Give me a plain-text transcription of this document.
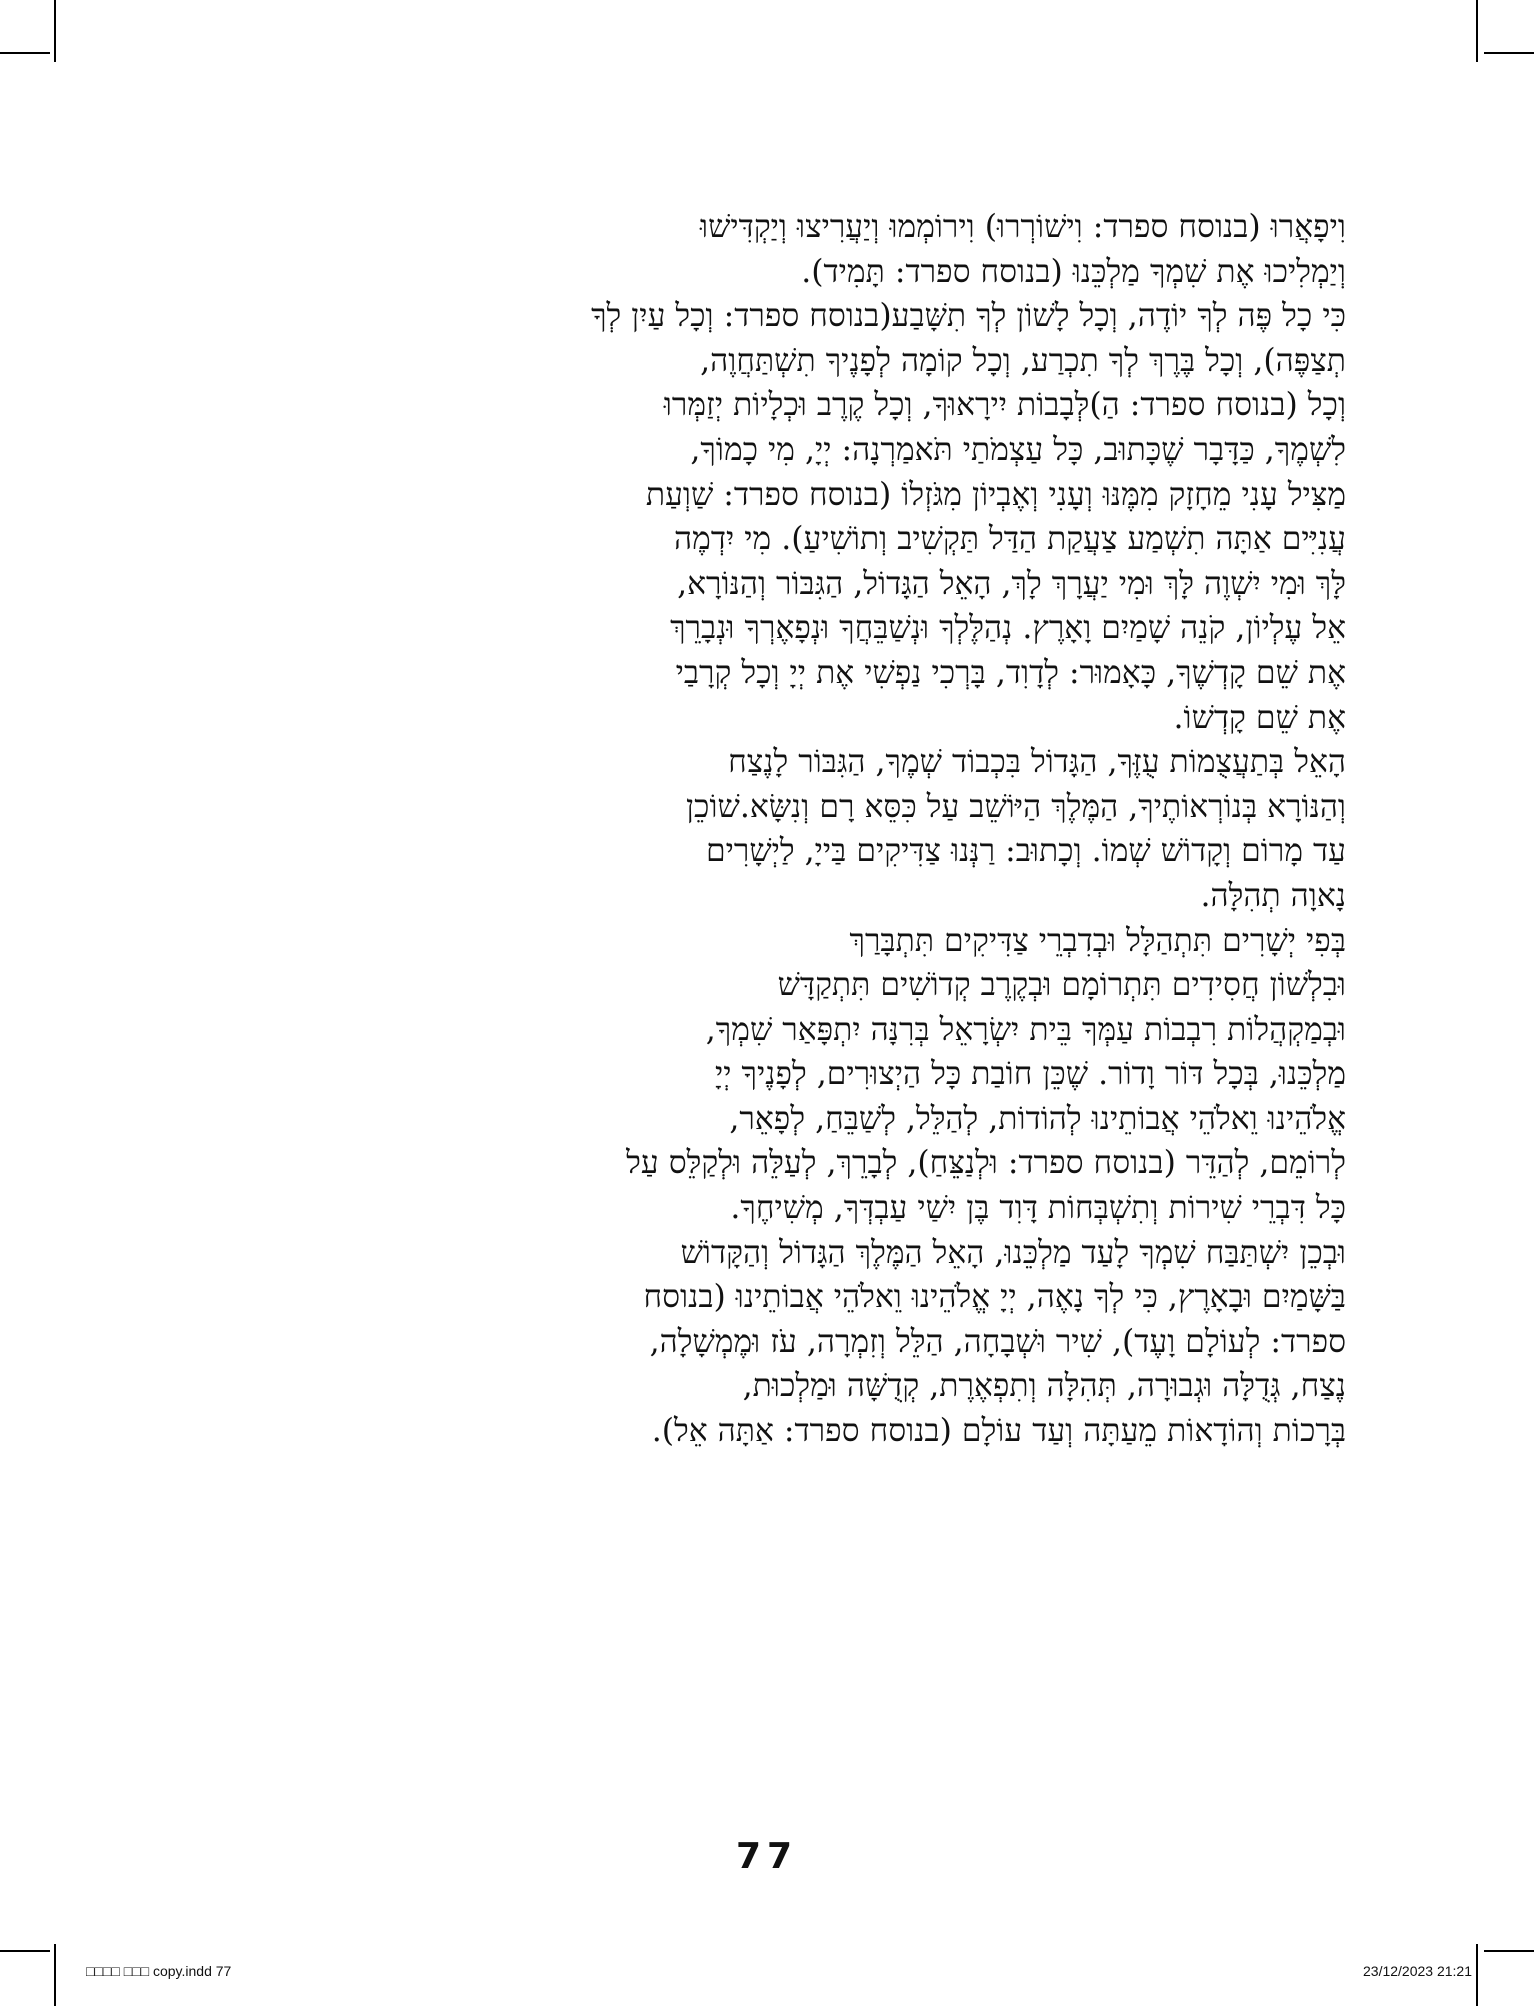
וִיפָאֲרוּ (בנוסח ספרד: וִישׁוֹרְרוּ) וִירוֹמְמוּ וְיַעֲרִיצוּ וְיַקְדִּישׁוּ
וְיַמְלִיכוּ אֶת שִׁמְךָ מַלְכֵּנוּ (בנוסח ספרד: תָּמִיד).
כִּי כָל פֶּה לְךָ יוֹדֶה, וְכָל לָשׁוֹן לְךָ תִשָּׁבַע(בנוסח ספרד: וְכָל עַיִן לְךָ
תְצַפֶּה), וְכָל בֶּרֶךְ לְךָ תִכְרַע, וְכָל קוֹמָה לְפָנֶיךָ תִשְׁתַּחֲוֶה,
וְכָל (בנוסח ספרד: הַ)לְּבָבוֹת יִירָאוּךָ, וְכָל קֶרֶב וּכְלָיוֹת יְזַמְּרוּ
לִשְׁמֶךָ, כַּדָּבָר שֶׁכָּתוּב, כָּל עַצְמֹתַי תֹּאמַרְנָה: יְיָ, מִי כָמוֹךָ,
מַצִּיל עָנִי מֵחָזָק מִמֶּנּוּ וְעָנִי וְאֶבְיוֹן מִגֹּזְלוֹ (בנוסח ספרד: שַׁוְעַת
עֲנִיִּים אַתָּה תִשְׁמַע צַעֲקַת הַדַּל תַּקְשִׁיב וְתוֹשִׁיעַ). מִי יִדְמֶה
לָּךְ וּמִי יִשְׁוֶה לָּךְ וּמִי יַעֲרָךְ לָךְ, הָאֵל הַגָּדוֹל, הַגִּבּוֹר וְהַנּוֹרָא,
אֵל עֶלְיוֹן, קֹנֵה שָׁמַיִם וָאָרֶץ. נְהַלֶּלְךָ וּנְשַׁבֵּחֲךָ וּנְפָאֶרְךָ וּנְבָרֵךְ
אֶת שֵׁם קָדְשֶׁךָ, כָּאָמוּר: לְדָוִד, בָּרְכִי נַפְשִׁי אֶת יְיָ וְכָל קְרָבַי
אֶת שֵׁם קָדְשׁוֹ.
הָאֵל בְּתַעֲצֻמוֹת עֻזֶּךָ, הַגָּדוֹל בִּכְבוֹד שְׁמֶךָ, הַגִּבּוֹר לָנֶצַח
וְהַנּוֹרָא בְּנוֹרְאוֹתֶיךָ, הַמֶּלֶךְ הַיּוֹשֵׁב עַל כִּסֵּא רָם וְנִשָּׂא.שׁוֹכֵן
עַד מָרוֹם וְקָדוֹשׁ שְׁמוֹ. וְכָתוּב: רַנְּנוּ צַדִּיקִים בַּייָ, לַיְשָׁרִים
נָאוָה תְהִלָּה.
בְּפִי יְשָׁרִים תִּתְהַלָּל וּבְדִבְרֵי צַדִּיקִים תִּתְבָּרַךְ
וּבִלְשׁוֹן חֲסִידִים תִּתְרוֹמָם וּבְקֶרֶב קְדוֹשִׁים תִּתְקַדָּשׁ
וּבְמַקְהֲלוֹת רִבְבוֹת עַמְּךָ בֵּית יִשְׂרָאֵל בְּרִנָּה יִתְפָּאַר שִׁמְךָ,
מַלְכֵּנוּ, בְּכָל דּוֹר וָדוֹר. שֶׁכֵּן חוֹבַת כָּל הַיְצוּרִים, לְפָנֶיךָ יְיָ
אֱלֹהֵינוּ וֵאלֹהֵי אֲבוֹתֵינוּ לְהוֹדוֹת, לְהַלֵּל, לְשַׁבֵּחַ, לְפָאֵר,
לְרוֹמֵם, לְהַדֵּר (בנוסח ספרד: וּלְנַצֵּחַ), לְבָרֵךְ, לְעַלֵּה וּלְקַלֵּס עַל
כָּל דִּבְרֵי שִׁירוֹת וְתִשְׁבְּחוֹת דָּוִד בֶּן יִשַׁי עַבְדְּךָ, מְשִׁיחֶךָ.
וּבְכֵן יִשְׁתַּבַּח שִׁמְךָ לָעַד מַלְכֵּנוּ, הָאֵל הַמֶּלֶךְ הַגָּדוֹל וְהַקָּדוֹשׁ
בַּשָּׁמַיִם וּבָאָרֶץ, כִּי לְךָ נָאֶה, יְיָ אֱלֹהֵינוּ וֵאלֹהֵי אֲבוֹתֵינוּ (בנוסח
ספרד: לְעוֹלָם וָעֶד), שִׁיר וּשְׁבָחָה, הַלֵּל וְזִמְרָה, עֹז וּמֶמְשָׁלָה,
נֶצַח, גְּדֻלָּה וּגְבוּרָה, תְּהִלָּה וְתִפְאֶרֶת, קְדֻשָּׁה וּמַלְכוּת,
בְּרָכוֹת וְהוֹדָאוֹת מֵעַתָּה וְעַד עוֹלָם (בנוסח ספרד: אַתָּה אֵל).
77
□□□□ □□□ copy.indd 77	23/12/2023 21:21
